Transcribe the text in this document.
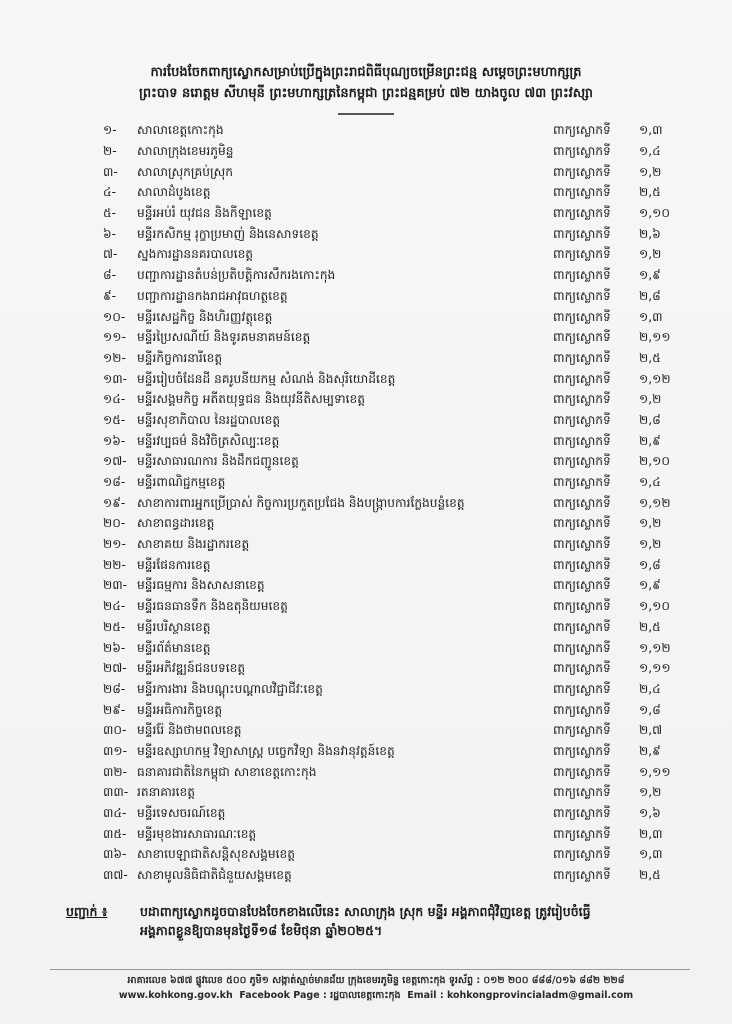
ការបែងចែកពាក្យស្លោកសម្រាប់ប្រើក្នុងព្រះរាជពិធីបុណ្យចម្រើនព្រះជន្ម សម្តេចព្រះមហាក្សត្រ
ព្រះបាទ នរោត្តម សីហមុនី ព្រះមហាក្សត្រនៃកម្ពុជា ព្រះជន្មគម្រប់ ៧២ យាងចូល ៧៣ ព្រះវស្សា
១-	សាលាខេត្តកោះកុង	ពាក្យស្លោកទី	១,៣
២-	សាលាក្រុងខេមរភូមិន្ទ	ពាក្យស្លោកទី	១,៤
៣-	សាលាស្រុកគ្រប់ស្រុក	ពាក្យស្លោកទី	១,២
៤-	សាលាដំបូងខេត្ត	ពាក្យស្លោកទី	២,៥
៥-	មន្ទីរអប់រំ យុវជន និងកីឡាខេត្ត	ពាក្យស្លោកទី	១,១០
៦-	មន្ទីរកសិកម្ម រុក្ខាប្រមាញ់ និងនេសាទខេត្ត	ពាក្យស្លោកទី	២,៦
៧-	ស្នងការដ្ឋាននគរបាលខេត្ត	ពាក្យស្លោកទី	១,២
៨-	បញ្ជាការដ្ឋានតំបន់ប្រតិបត្តិការសឹករងកោះកុង	ពាក្យស្លោកទី	១,៩
៩-	បញ្ជាការដ្ឋានកងរាជអាវុធហត្ថខេត្ត	ពាក្យស្លោកទី	២,៨
១០- មន្ទីរសេដ្ឋកិច្ច និងហិរញ្ញវត្ថុខេត្ត	ពាក្យស្លោកទី	១,៣
១១- មន្ទីរប្រៃសណីយ៍ និងទូរគមនាគមន៍ខេត្ត	ពាក្យស្លោកទី	២,១១
១២- មន្ទីរកិច្ចការនារីខេត្ត	ពាក្យស្លោកទី	២,៥
១៣- មន្ទីររៀបចំដែនដី នគរូបនីយកម្ម សំណង់ និងសុរិយោដីខេត្ត	ពាក្យស្លោកទី	១,១២
១៤- មន្ទីរសង្គមកិច្ច អតីតយុទ្ធជន និងយុវនីតិសម្បទាខេត្ត	ពាក្យស្លោកទី	១,២
១៥- មន្ទីរសុខាភិបាល នៃរដ្ឋបាលខេត្ត	ពាក្យស្លោកទី	២,៨
១៦- មន្ទីរវប្បធម៌ និងវិចិត្រសិល្បៈខេត្ត	ពាក្យស្លោកទី	២,៩
១៧- មន្ទីរសាធារណការ និងដឹកជញ្ជូនខេត្ត	ពាក្យស្លោកទី	២,១០
១៨- មន្ទីរពាណិជ្ជកម្មខេត្ត	ពាក្យស្លោកទី	១,៤
១៩- សាខាការពារអ្នកប្រើប្រាស់ កិច្ចការប្រកួតប្រជែង និងបង្ក្រាបការក្លែងបន្លំខេត្ត	ពាក្យស្លោកទី	១,១២
២០- សាខាពន្ធដារខេត្ត	ពាក្យស្លោកទី	១,២
២១- សាខាគយ និងរដ្ឋាករខេត្ត	ពាក្យស្លោកទី	១,២
២២- មន្ទីរផែនការខេត្ត	ពាក្យស្លោកទី	១,៨
២៣- មន្ទីរធម្មការ និងសាសនាខេត្ត	ពាក្យស្លោកទី	១,៩
២៤- មន្ទីរធនធានទឹក និងឧតុនិយមខេត្ត	ពាក្យស្លោកទី	១,១០
២៥- មន្ទីរបរិស្ថានខេត្ត	ពាក្យស្លោកទី	២,៥
២៦- មន្ទីរព័ត៌មានខេត្ត	ពាក្យស្លោកទី	១,១២
២៧- មន្ទីរអភិវឌ្ឍន៍ជនបទខេត្ត	ពាក្យស្លោកទី	១,១១
២៨- មន្ទីរការងារ និងបណ្តុះបណ្តាលវិជ្ជាជីវៈខេត្ត	ពាក្យស្លោកទី	២,៤
២៩- មន្ទីរអធិការកិច្ចខេត្ត	ពាក្យស្លោកទី	១,៨
៣០- មន្ទីររ៉ែ និងថាមពលខេត្ត	ពាក្យស្លោកទី	២,៧
៣១- មន្ទីរឧស្សាហកម្ម វិទ្យាសាស្ត្រ បច្ចេកវិទ្យា និងនវានុវត្តន៍ខេត្ត	ពាក្យស្លោកទី	២,៩
៣២- ធនាគារជាតិនៃកម្ពុជា សាខាខេត្តកោះកុង	ពាក្យស្លោកទី	១,១១
៣៣- រតនាគារខេត្ត	ពាក្យស្លោកទី	១,២
៣៤- មន្ទីរទេសចរណ៍ខេត្ត	ពាក្យស្លោកទី	១,៦
៣៥- មន្ទីរមុខងារសាធារណៈខេត្ត	ពាក្យស្លោកទី	២,៣
៣៦- សាខាបេឡាជាតិសន្តិសុខសង្គមខេត្ត	ពាក្យស្លោកទី	១,៣
៣៧- សាខាមូលនិធិជាតិជំនួយសង្គមខេត្ត	ពាក្យស្លោកទី	២,៥
បញ្ជាក់ ៖	បដាពាក្យស្លោកដូចបានបែងចែកខាងលើនេះ សាលាក្រុង ស្រុក មន្ទីរ អង្គភាពជុំវិញខេត្ត ត្រូវរៀបចំធ្វើ
អង្គភាពខ្លួនឱ្យបានមុនថ្ងៃទី១៨ ខែមិថុនា ឆ្នាំ២០២៥។
អាគារលេខ ៦៧៧ ផ្លូវលេខ ៥០០ ភូមិ១ សង្កាត់ស្មាច់មានជ័យ ក្រុងខេមរភូមិន្ទ ខេត្តកោះកុង ទូរស័ព្ទ : ០១២ ២០០ ៨៨៨/០១៦ ៨៨២ ២២៨
www.kohkong.gov.kh Facebook Page : រដ្ឋបាលខេត្តកោះកុង Email : kohkongprovincialadm@gmail.com
